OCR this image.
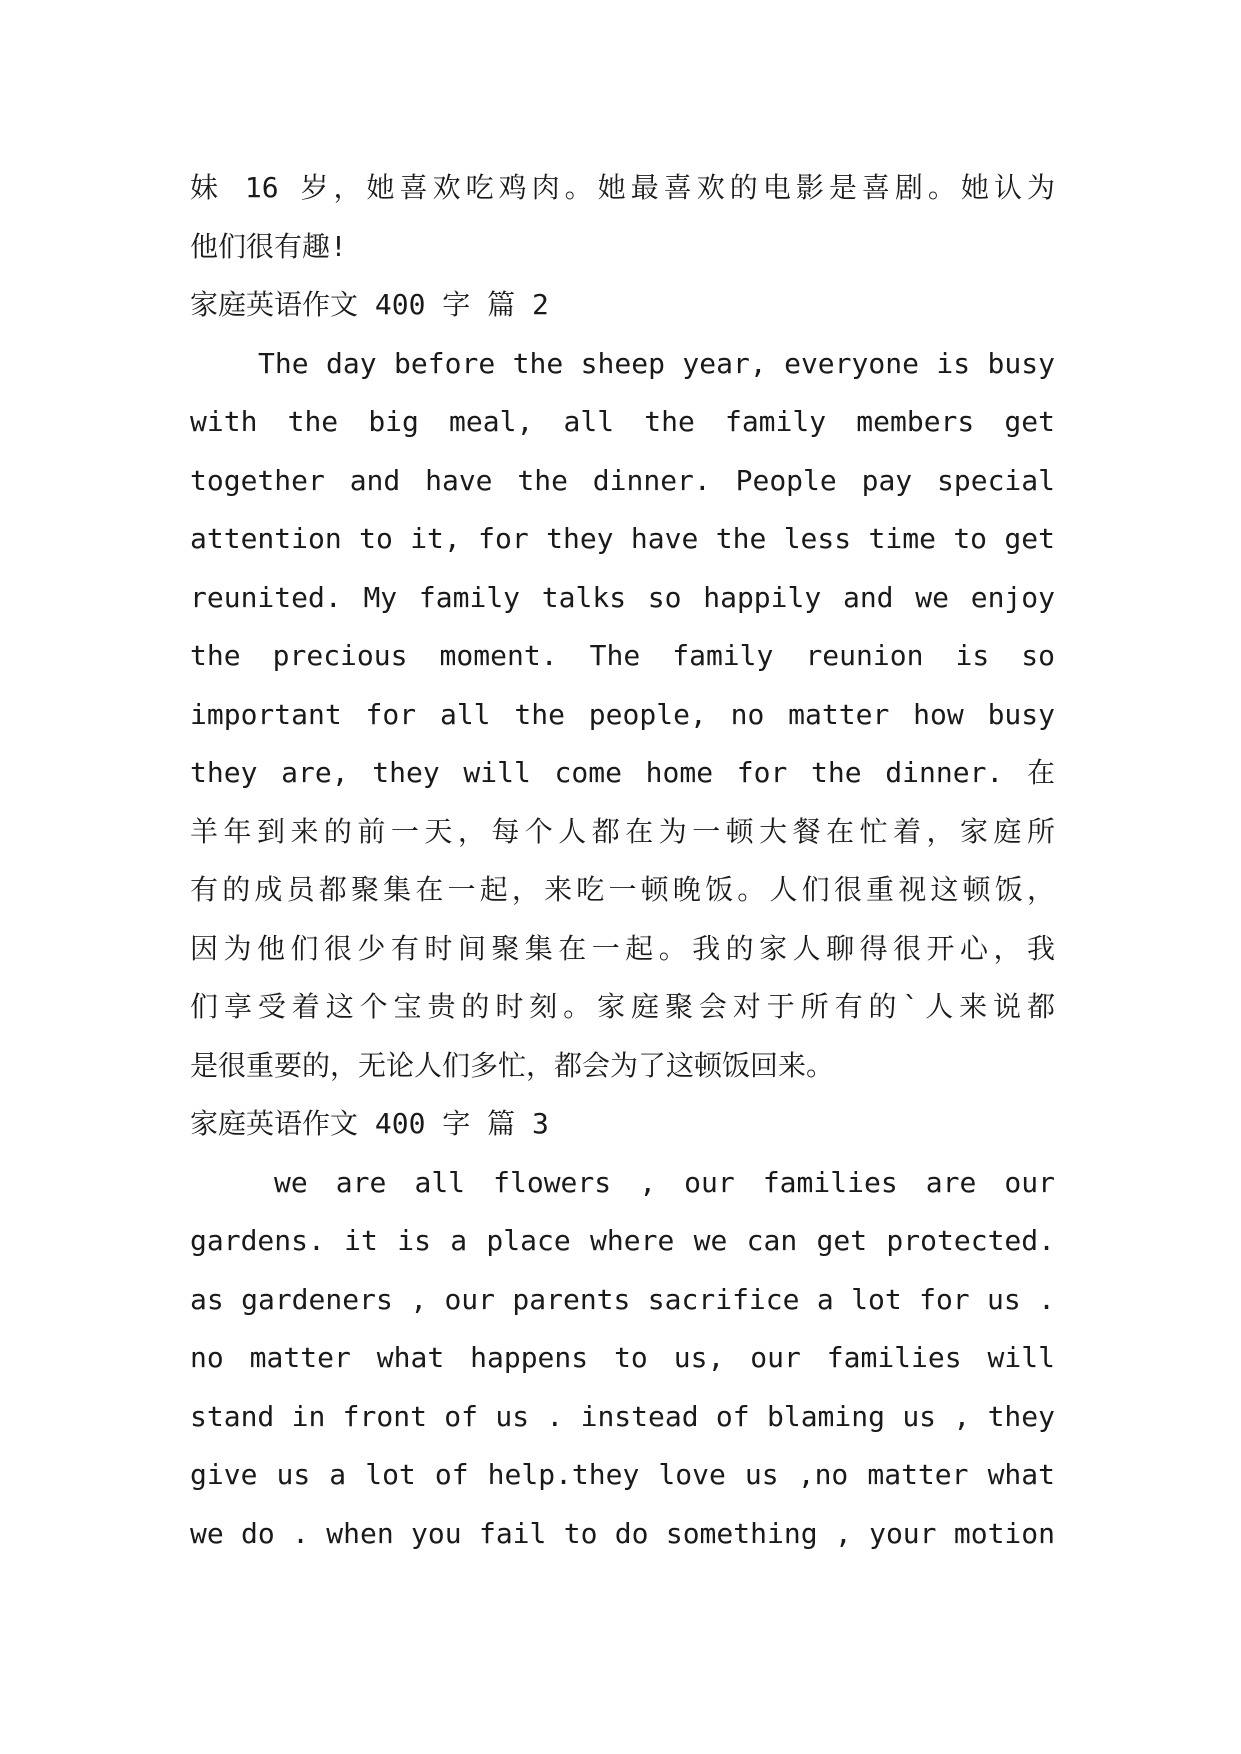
妹 16 岁，她喜欢吃鸡肉。她最喜欢的电影是喜剧。她认为
他们很有趣!
家庭英语作文 400 字 篇 2
The day before the sheep year, everyone is busy
with the big meal, all the family members get
together and have the dinner. People pay special
attention to it, for they have the less time to get
reunited. My family talks so happily and we enjoy
the precious moment. The family reunion is so
important for all the people, no matter how busy
they are, they will come home for the dinner. 在
羊年到来的前一天，每个人都在为一顿大餐在忙着，家庭所
有的成员都聚集在一起，来吃一顿晚饭。人们很重视这顿饭，
因为他们很少有时间聚集在一起。我的家人聊得很开心，我
们享受着这个宝贵的时刻。家庭聚会对于所有的`人来说都
是很重要的，无论人们多忙，都会为了这顿饭回来。
家庭英语作文 400 字 篇 3
we are all flowers , our families are our
gardens. it is a place where we can get protected.
as gardeners , our parents sacrifice a lot for us .
no matter what happens to us, our families will
stand in front of us . instead of blaming us , they
give us a lot of help.they love us ,no matter what
we do . when you fail to do something , your motion
